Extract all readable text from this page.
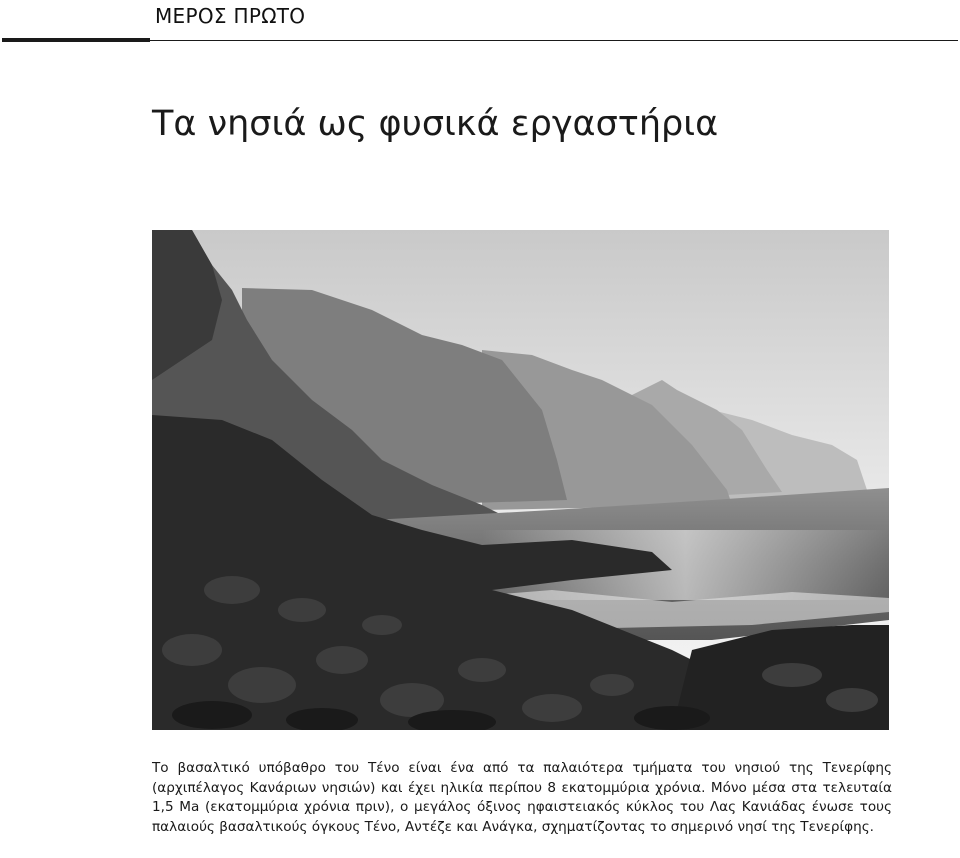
ΜΕΡΟΣ ΠΡΩΤΟ
Τα νησιά ως φυσικά εργαστήρια

Το βασαλτικό υπόβαθρο του Τένο είναι ένα από τα παλαιότερα τμήματα του νησιού της Τενερίφης (αρχιπέλαγος Κανάριων νησιών) και έχει ηλικία περίπου 8 εκατομμύρια χρόνια. Μόνο μέσα στα τελευταία 1,5 Ma (εκατομμύρια χρόνια πριν), ο μεγάλος όξινος ηφαιστειακός κύκλος του Λας Κανιάδας ένωσε τους παλαιούς βασαλτικούς όγκους Τένο, Αντέζε και Ανάγκα, σχηματίζοντας το σημερινό νησί της Τενερίφης.
